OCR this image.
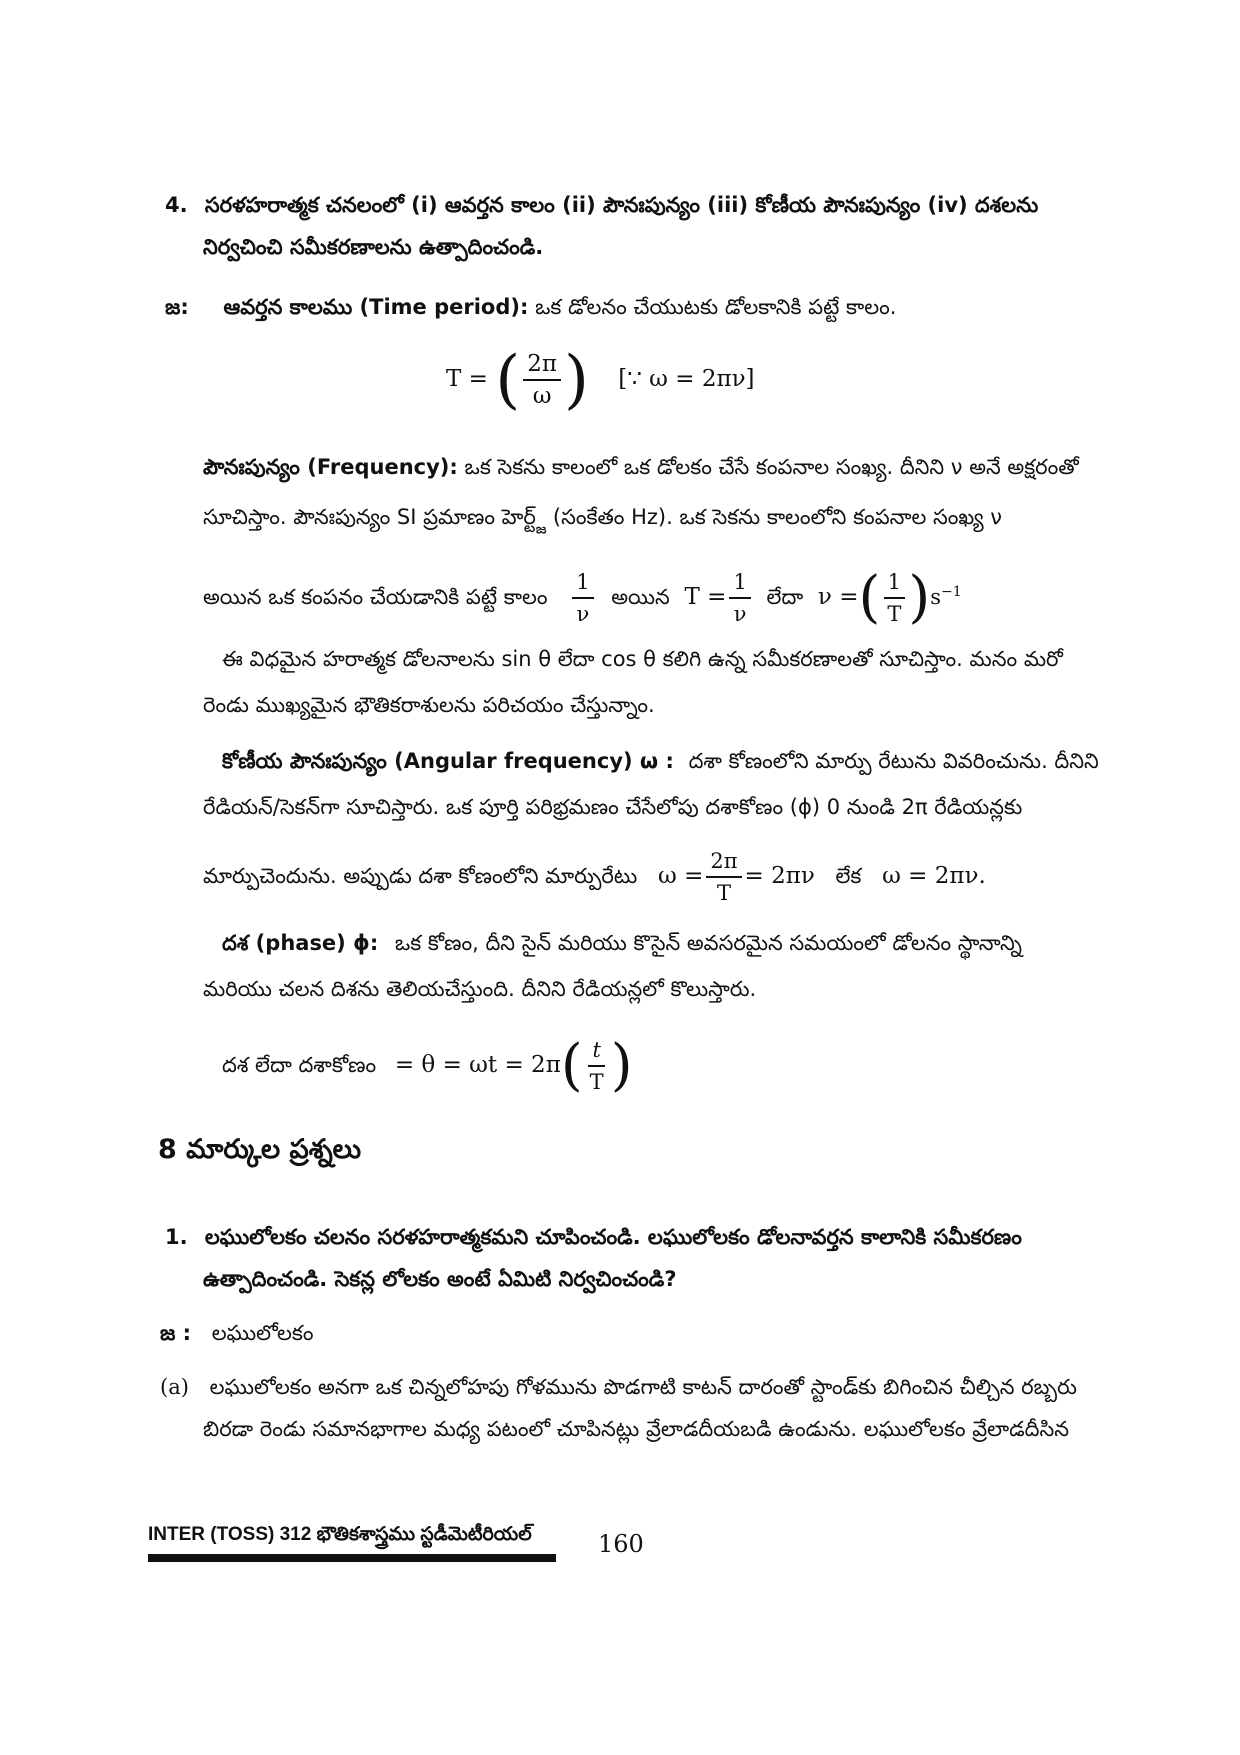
4. సరళహరాత్మక చనలంలో (i) ఆవర్తన కాలం (ii) పౌనఃపున్యం (iii) కోణీయ పౌనఃపున్యం (iv) దశలను
నిర్వచించి సమీకరణాలను ఉత్పాదించండి.
జ: ఆవర్తన కాలము (Time period): ఒక డోలనం చేయుటకు డోలకానికి పట్టే కాలం.
T = ( $\frac{2\pi}{\omega}$ ) [∵ ω = 2πν]
పౌనఃపున్యం (Frequency): ఒక సెకను కాలంలో ఒక డోలకం చేసే కంపనాల సంఖ్య. దీనిని ν అనే అక్షరంతో
సూచిస్తాం. పౌనఃపున్యం SI ప్రమాణం హెర్ట్జ్ (సంకేతం Hz). ఒక సెకను కాలంలోని కంపనాల సంఖ్య ν
అయిన ఒక కంపనం చేయడానికి పట్టే కాలం $\frac{1}{\nu}$ అయిన $T = \frac{1}{\nu}$ లేదా ν =( $\frac{1}{T} )s^{-1}$
ఈ విధమైన హరాత్మక డోలనాలను sin θ లేదా cos θ కలిగి ఉన్న సమీకరణాలతో సూచిస్తాం. మనం మరో
రెండు ముఖ్యమైన భౌతికరాశులను పరిచయం చేస్తున్నాం.
కోణీయ పౌనఃపున్యం (Angular frequency) ω : దశా కోణంలోని మార్పు రేటును వివరించును. దీనిని
రేడియన్/సెకన్‌గా సూచిస్తారు. ఒక పూర్తి పరిభ్రమణం చేసేలోపు దశాకోణం (ϕ) 0 నుండి 2π రేడియన్లకు
మార్పుచెందును. అప్పుడు దశా కోణంలోని మార్పురేటు $\omega = \frac{2\pi}{T} = 2\pi\nu$ లేక ω = 2πν.
దశ (phase) ϕ: ఒక కోణం, దీని సైన్ మరియు కొసైన్ అవసరమైన సమయంలో డోలనం స్థానాన్ని
మరియు చలన దిశను తెలియచేస్తుంది. దీనిని రేడియన్లలో కొలుస్తారు.
దశ లేదా దశాకోణం = $\theta = \omega t = 2\pi( \frac{t}{T}$ )
8 మార్కుల ప్రశ్నలు
1. లఘులోలకం చలనం సరళహరాత్మకమని చూపించండి. లఘులోలకం డోలనావర్తన కాలానికి సమీకరణం
ఉత్పాదించండి. సెకన్ల లోలకం అంటే ఏమిటి నిర్వచించండి?
జ : లఘులోలకం
(a) లఘులోలకం అనగా ఒక చిన్నలోహపు గోళమును పొడగాటి కాటన్ దారంతో స్టాండ్‌కు బిగించిన చీల్చిన రబ్బరు
బిరడా రెండు సమానభాగాల మధ్య పటంలో చూపినట్లు వ్రేలాడదీయబడి ఉండును. లఘులోలకం వ్రేలాడదీసిన
INTER (TOSS) 312 భౌతికశాస్త్రము స్టడీమెటీరియల్	160
